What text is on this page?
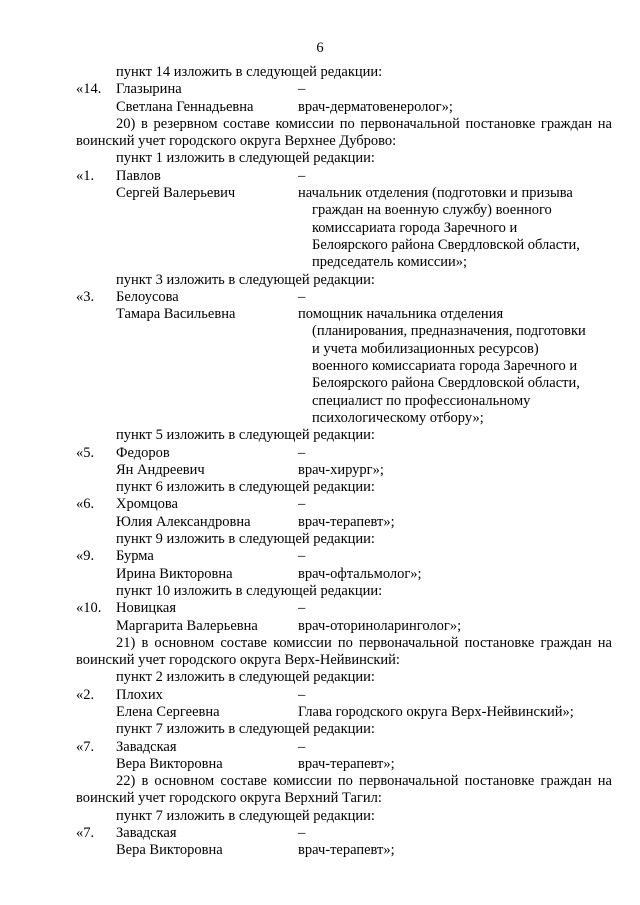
6
пункт 14 изложить в следующей редакции:
«14. Глазырина
Светлана Геннадьевна
–
врач-дерматовенеролог»;
20) в резервном составе комиссии по первоначальной постановке граждан на воинский учет городского округа Верхнее Дуброво:
пункт 1 изложить в следующей редакции:
«1. Павлов
Сергей Валерьевич
–
начальник отделения (подготовки и призыва
граждан на военную службу) военного
комиссариата города Заречного и
Белоярского района Свердловской области,
председатель комиссии»;
пункт 3 изложить в следующей редакции:
«3. Белоусова
Тамара Васильевна
–
помощник начальника отделения
(планирования, предназначения, подготовки
и учета мобилизационных ресурсов)
военного комиссариата города Заречного и
Белоярского района Свердловской области,
специалист по профессиональному
психологическому отбору»;
пункт 5 изложить в следующей редакции:
«5. Федоров
Ян Андреевич
–
врач-хирург»;
пункт 6 изложить в следующей редакции:
«6. Хромцова
Юлия Александровна
–
врач-терапевт»;
пункт 9 изложить в следующей редакции:
«9. Бурма
Ирина Викторовна
–
врач-офтальмолог»;
пункт 10 изложить в следующей редакции:
«10. Новицкая
Маргарита Валерьевна
–
врач-оториноларинголог»;
21) в основном составе комиссии по первоначальной постановке граждан на воинский учет городского округа Верх-Нейвинский:
пункт 2 изложить в следующей редакции:
«2. Плохих
Елена Сергеевна
–
Глава городского округа Верх-Нейвинский»;
пункт 7 изложить в следующей редакции:
«7. Завадская
Вера Викторовна
–
врач-терапевт»;
22) в основном составе комиссии по первоначальной постановке граждан на воинский учет городского округа Верхний Тагил:
пункт 7 изложить в следующей редакции:
«7. Завадская
Вера Викторовна
–
врач-терапевт»;
